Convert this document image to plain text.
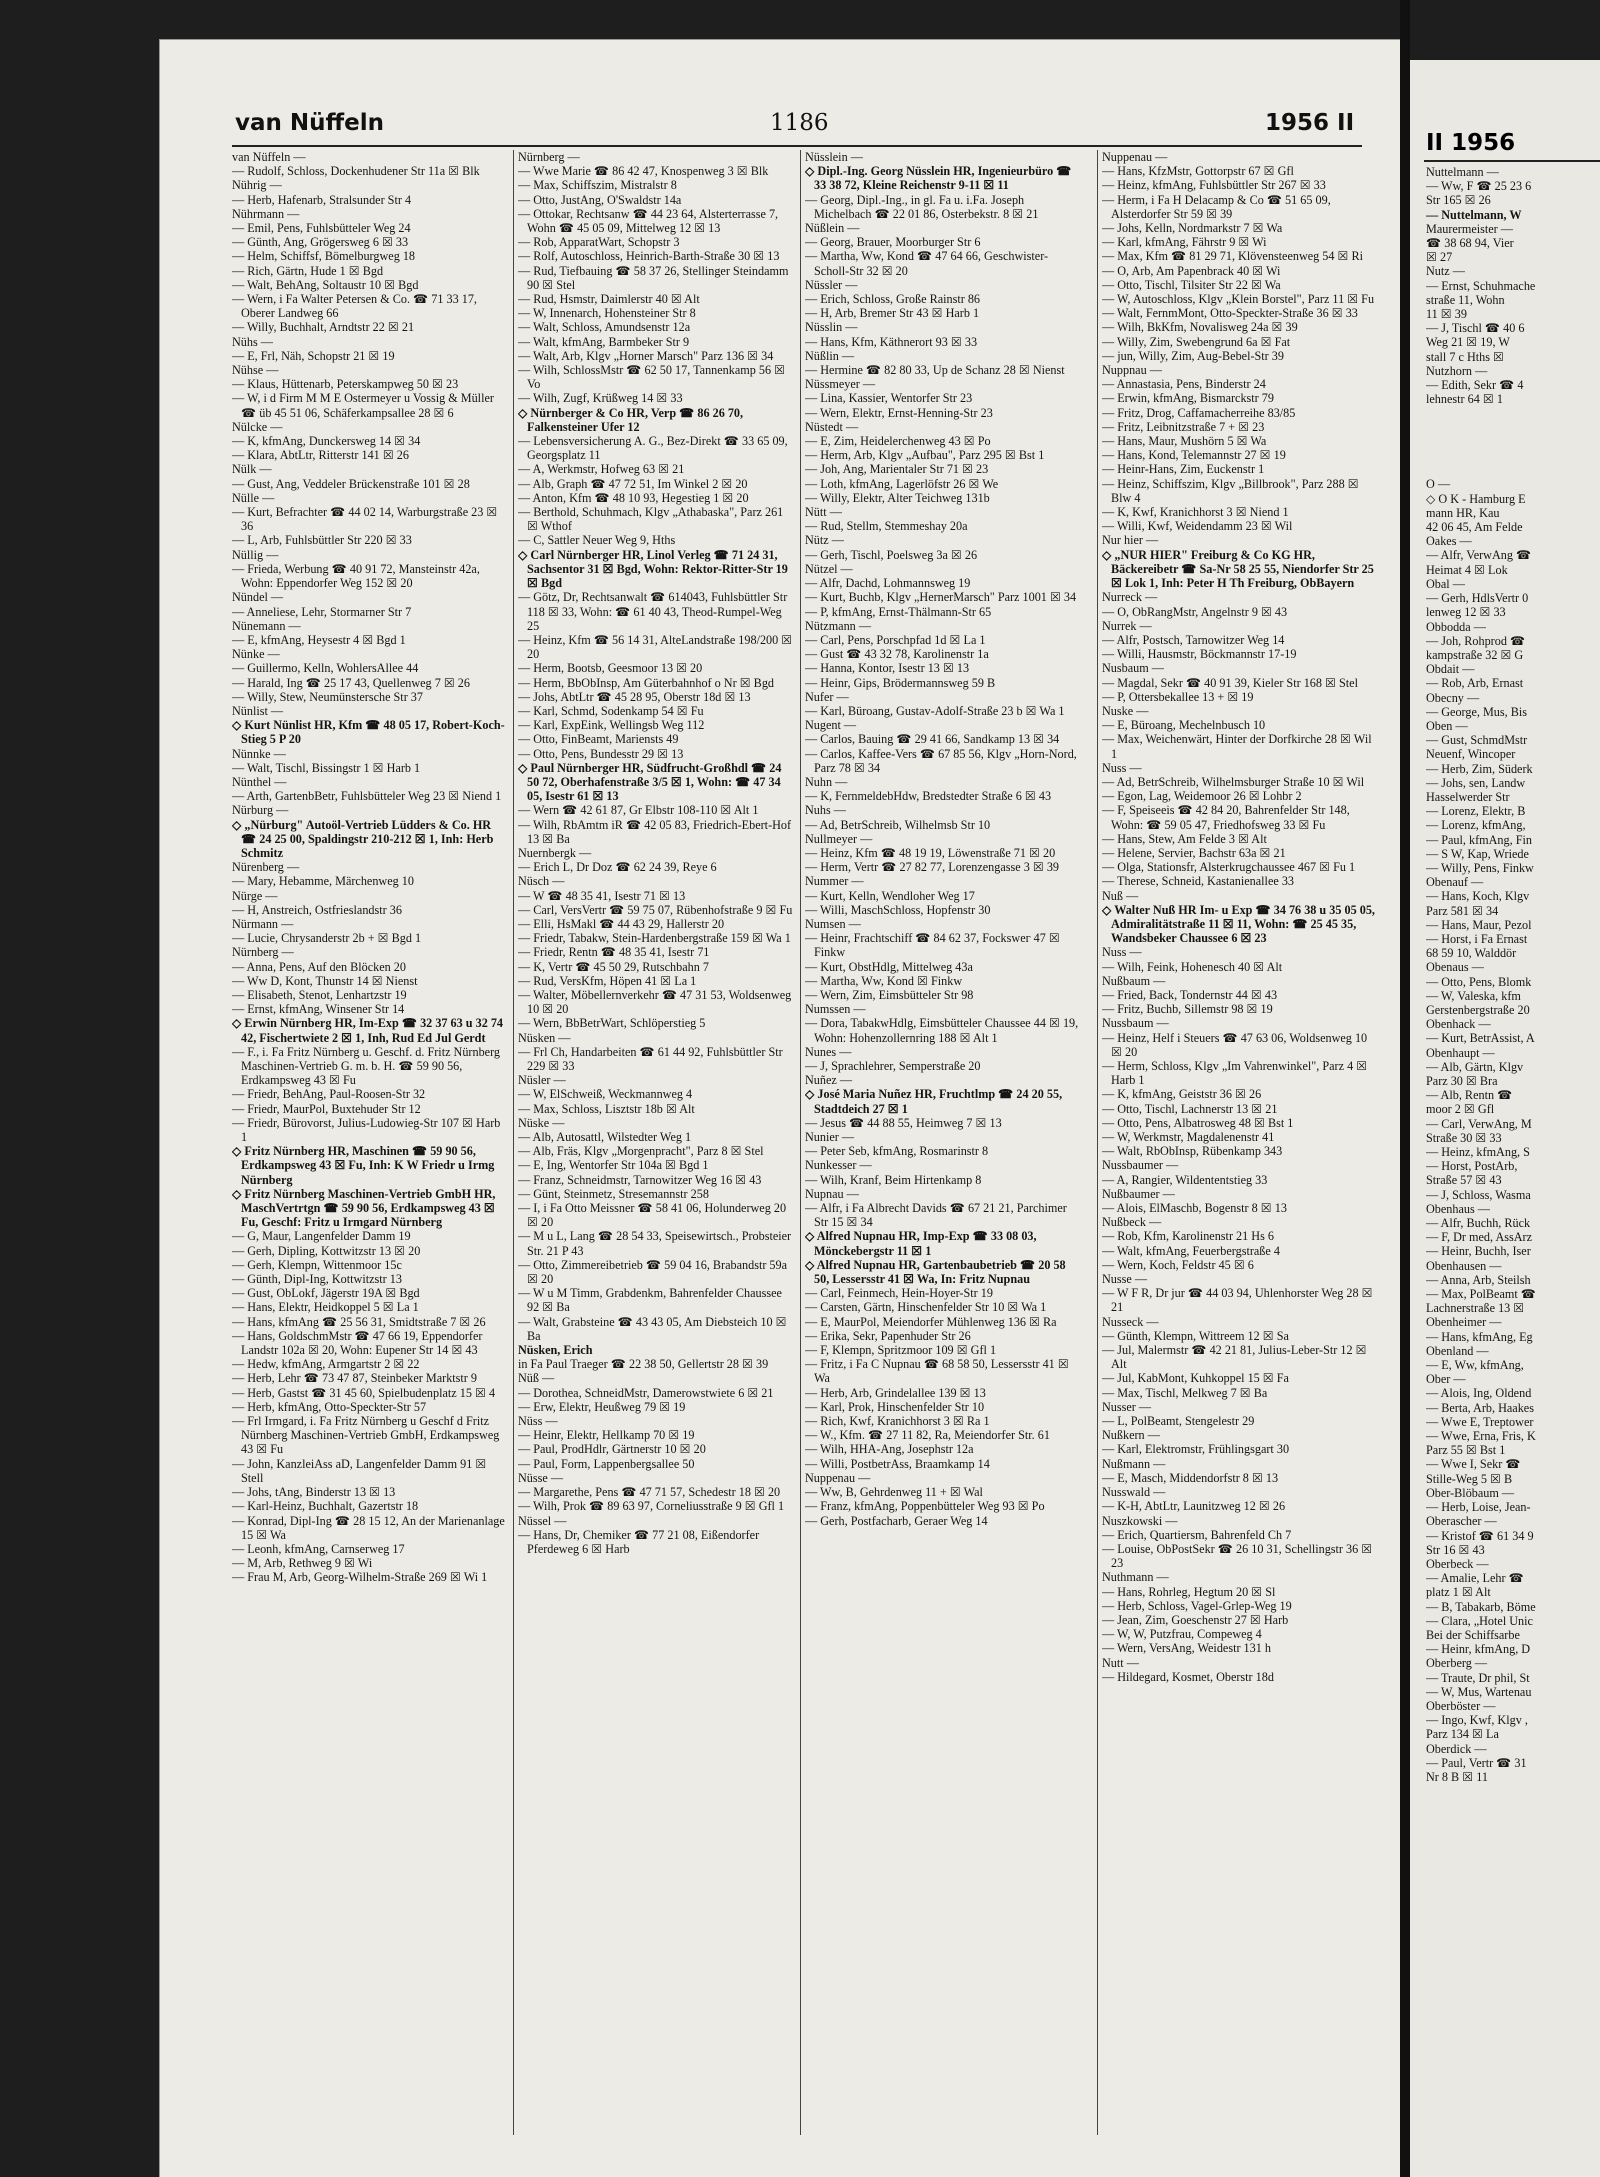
II 1956
Nuttelmann —
— Ww, F ☎ 25 23 6
Str 165 ☒ 26
— Nuttelmann, W
Maurermeister —
☎ 38 68 94, Vier
☒ 27
Nutz —
— Ernst, Schuhmache
straße 11, Wohn
11 ☒ 39
— J, Tischl ☎ 40 6
Weg 21 ☒ 19, W
stall 7 c Hths ☒
Nutzhorn —
— Edith, Sekr ☎ 4
lehnestr 64 ☒ 1

O —
◇ O K - Hamburg E
mann HR, Kau
42 06 45, Am Felde
Oakes —
— Alfr, VerwAng ☎
Heimat 4 ☒ Lok
Obal —
— Gerh, HdlsVertr 0
lenweg 12 ☒ 33
Obbodda —
— Joh, Rohprod ☎
kampstraße 32 ☒ G
Obdait —
— Rob, Arb, Ernast
Obecny —
— George, Mus, Bis
Oben —
— Gust, SchmdMstr
Neuenf, Wincoper
— Herb, Zim, Süderk
— Johs, sen, Landw
Hasselwerder Str
— Lorenz, Elektr, B
— Lorenz, kfmAng,
— Paul, kfmAng, Fin
— S W, Kap, Wriede
— Willy, Pens, Finkw
Obenauf —
— Hans, Koch, Klgv
Parz 581 ☒ 34
— Hans, Maur, Pezol
— Horst, i Fa Ernast
68 59 10, Walddör
Obenaus —
— Otto, Pens, Blomk
— W, Valeska, kfm
Gerstenbergstraße 20
Obenhack —
— Kurt, BetrAssist, A
Obenhaupt —
— Alb, Gärtn, Klgv
Parz 30 ☒ Bra
— Alb, Rentn ☎
moor 2 ☒ Gfl
— Carl, VerwAng, M
Straße 30 ☒ 33
— Heinz, kfmAng, S
— Horst, PostArb,
Straße 57 ☒ 43
— J, Schloss, Wasma
Obenhaus —
— Alfr, Buchh, Rück
— F, Dr med, AssArz
— Heinr, Buchh, Iser
Obenhausen —
— Anna, Arb, Steilsh
— Max, PolBeamt ☎
Lachnerstraße 13 ☒
Obenheimer —
— Hans, kfmAng, Eg
Obenland —
— E, Ww, kfmAng,
Ober —
— Alois, Ing, Oldend
— Berta, Arb, Haakes
— Wwe E, Treptower
— Wwe, Erna, Fris, K
Parz 55 ☒ Bst 1
— Wwe I, Sekr ☎
Stille-Weg 5 ☒ B
Ober-Blöbaum —
— Herb, Loise, Jean-
Oberascher —
— Kristof ☎ 61 34 9
Str 16 ☒ 43
Oberbeck —
— Amalie, Lehr ☎
platz 1 ☒ Alt
— B, Tabakarb, Böme
— Clara, „Hotel Unic
Bei der Schiffsarbe
— Heinr, kfmAng, D
Oberberg —
— Traute, Dr phil, St
— W, Mus, Wartenau
Oberböster —
— Ingo, Kwf, Klgv ,
Parz 134 ☒ La
Oberdick —
— Paul, Vertr ☎ 31
Nr 8 B ☒ 11
van Nüffeln	1186	1956 II
van Nüffeln —
— Rudolf, Schloss, Dockenhudener Str 11a ☒ Blk
Nührig —
— Herb, Hafenarb, Stralsunder Str 4
Nührmann —
— Emil, Pens, Fuhlsbütteler Weg 24
— Günth, Ang, Grögersweg 6 ☒ 33
— Helm, Schiffsf, Bömelburgweg 18
— Rich, Gärtn, Hude 1 ☒ Bgd
— Walt, BehAng, Soltaustr 10 ☒ Bgd
— Wern, i Fa Walter Petersen & Co. ☎ 71 33 17, Oberer Landweg 66
— Willy, Buchhalt, Arndtstr 22 ☒ 21
Nühs —
— E, Frl, Näh, Schopstr 21 ☒ 19
Nühse —
— Klaus, Hüttenarb, Peterskampweg 50 ☒ 23
— W, i d Firm M M E Ostermeyer u Vossig & Müller ☎ üb 45 51 06, Schäferkampsallee 28 ☒ 6
Nülcke —
— K, kfmAng, Dunckersweg 14 ☒ 34
— Klara, AbtLtr, Ritterstr 141 ☒ 26
Nülk —
— Gust, Ang, Veddeler Brückenstraße 101 ☒ 28
Nülle —
— Kurt, Befrachter ☎ 44 02 14, Warburgstraße 23 ☒ 36
— L, Arb, Fuhlsbüttler Str 220 ☒ 33
Nüllig —
— Frieda, Werbung ☎ 40 91 72, Mansteinstr 42a, Wohn: Eppendorfer Weg 152 ☒ 20
Nündel —
— Anneliese, Lehr, Stormarner Str 7
Nünemann —
— E, kfmAng, Heysestr 4 ☒ Bgd 1
Nünke —
— Guillermo, Kelln, WohlersAllee 44
— Harald, Ing ☎ 25 17 43, Quellenweg 7 ☒ 26
— Willy, Stew, Neumünstersche Str 37
Nünlist —
◇ Kurt Nünlist HR, Kfm ☎ 48 05 17, Robert-Koch-Stieg 5 P 20
Nünnke —
— Walt, Tischl, Bissingstr 1 ☒ Harb 1
Nünthel —
— Arth, GartenbBetr, Fuhlsbütteler Weg 23 ☒ Niend 1
Nürburg —
◇ „Nürburg" Autoöl-Vertrieb Lüdders & Co. HR ☎ 24 25 00, Spaldingstr 210-212 ☒ 1, Inh: Herb Schmitz
Nürenberg —
— Mary, Hebamme, Märchenweg 10
Nürge —
— H, Anstreich, Ostfrieslandstr 36
Nürmann —
— Lucie, Chrysanderstr 2b + ☒ Bgd 1
Nürnberg —
— Anna, Pens, Auf den Blöcken 20
— Ww D, Kont, Thunstr 14 ☒ Nienst
— Elisabeth, Stenot, Lenhartzstr 19
— Ernst, kfmAng, Winsener Str 14
◇ Erwin Nürnberg HR, Im-Exp ☎ 32 37 63 u 32 74 42, Fischertwiete 2 ☒ 1, Inh, Rud Ed Jul Gerdt
— F., i. Fa Fritz Nürnberg u. Geschf. d. Fritz Nürnberg Maschinen-Vertrieb G. m. b. H. ☎ 59 90 56, Erdkampsweg 43 ☒ Fu
— Friedr, BehAng, Paul-Roosen-Str 32
— Friedr, MaurPol, Buxtehuder Str 12
— Friedr, Bürovorst, Julius-Ludowieg-Str 107 ☒ Harb 1
◇ Fritz Nürnberg HR, Maschinen ☎ 59 90 56, Erdkampsweg 43 ☒ Fu, Inh: K W Friedr u Irmg Nürnberg
◇ Fritz Nürnberg Maschinen-Vertrieb GmbH HR, MaschVertrtgn ☎ 59 90 56, Erdkampsweg 43 ☒ Fu, Geschf: Fritz u Irmgard Nürnberg
— G, Maur, Langenfelder Damm 19
— Gerh, Dipling, Kottwitzstr 13 ☒ 20
— Gerh, Klempn, Wittenmoor 15c
— Günth, Dipl-Ing, Kottwitzstr 13
— Gust, ObLokf, Jägerstr 19A ☒ Bgd
— Hans, Elektr, Heidkoppel 5 ☒ La 1
— Hans, kfmAng ☎ 25 56 31, Smidtstraße 7 ☒ 26
— Hans, GoldschmMstr ☎ 47 66 19, Eppendorfer Landstr 102a ☒ 20, Wohn: Eupener Str 14 ☒ 43
— Hedw, kfmAng, Armgartstr 2 ☒ 22
— Herb, Lehr ☎ 73 47 87, Steinbeker Marktstr 9
— Herb, Gastst ☎ 31 45 60, Spielbudenplatz 15 ☒ 4
— Herb, kfmAng, Otto-Speckter-Str 57
— Frl Irmgard, i. Fa Fritz Nürnberg u Geschf d Fritz Nürnberg Maschinen-Vertrieb GmbH, Erdkampsweg 43 ☒ Fu
— John, KanzleiAss aD, Langenfelder Damm 91 ☒ Stell
— Johs, tAng, Binderstr 13 ☒ 13
— Karl-Heinz, Buchhalt, Gazertstr 18
— Konrad, Dipl-Ing ☎ 28 15 12, An der Marienanlage 15 ☒ Wa
— Leonh, kfmAng, Carnserweg 17
— M, Arb, Rethweg 9 ☒ Wi
— Frau M, Arb, Georg-Wilhelm-Straße 269 ☒ Wi 1
Nürnberg —
— Wwe Marie ☎ 86 42 47, Knospenweg 3 ☒ Blk
— Max, Schiffszim, Mistralstr 8
— Otto, JustAng, O'Swaldstr 14a
— Ottokar, Rechtsanw ☎ 44 23 64, Alsterterrasse 7, Wohn ☎ 45 05 09, Mittelweg 12 ☒ 13
— Rob, ApparatWart, Schopstr 3
— Rolf, Autoschloss, Heinrich-Barth-Straße 30 ☒ 13
— Rud, Tiefbauing ☎ 58 37 26, Stellinger Steindamm 90 ☒ Stel
— Rud, Hsmstr, Daimlerstr 40 ☒ Alt
— W, Innenarch, Hohensteiner Str 8
— Walt, Schloss, Amundsenstr 12a
— Walt, kfmAng, Barmbeker Str 9
— Walt, Arb, Klgv „Horner Marsch" Parz 136 ☒ 34
— Wilh, SchlossMstr ☎ 62 50 17, Tannenkamp 56 ☒ Vo
— Wilh, Zugf, Krüßweg 14 ☒ 33
◇ Nürnberger & Co HR, Verp ☎ 86 26 70, Falkensteiner Ufer 12
— Lebensversicherung A. G., Bez-Direkt ☎ 33 65 09, Georgsplatz 11
— A, Werkmstr, Hofweg 63 ☒ 21
— Alb, Graph ☎ 47 72 51, Im Winkel 2 ☒ 20
— Anton, Kfm ☎ 48 10 93, Hegestieg 1 ☒ 20
— Berthold, Schuhmach, Klgv „Athabaska", Parz 261 ☒ Wthof
— C, Sattler Neuer Weg 9, Hths
◇ Carl Nürnberger HR, Linol Verleg ☎ 71 24 31, Sachsentor 31 ☒ Bgd, Wohn: Rektor-Ritter-Str 19 ☒ Bgd
— Götz, Dr, Rechtsanwalt ☎ 614043, Fuhlsbüttler Str 118 ☒ 33, Wohn: ☎ 61 40 43, Theod-Rumpel-Weg 25
— Heinz, Kfm ☎ 56 14 31, AlteLandstraße 198/200 ☒ 20
— Herm, Bootsb, Geesmoor 13 ☒ 20
— Herm, BbObInsp, Am Güterbahnhof o Nr ☒ Bgd
— Johs, AbtLtr ☎ 45 28 95, Oberstr 18d ☒ 13
— Karl, Schmd, Sodenkamp 54 ☒ Fu
— Karl, ExpEink, Wellingsb Weg 112
— Otto, FinBeamt, Mariensts 49
— Otto, Pens, Bundesstr 29 ☒ 13
◇ Paul Nürnberger HR, Südfrucht-Großhdl ☎ 24 50 72, Oberhafenstraße 3/5 ☒ 1, Wohn: ☎ 47 34 05, Isestr 61 ☒ 13
— Wern ☎ 42 61 87, Gr Elbstr 108-110 ☒ Alt 1
— Wilh, RbAmtm iR ☎ 42 05 83, Friedrich-Ebert-Hof 13 ☒ Ba
Nuernbergk —
— Erich L, Dr Doz ☎ 62 24 39, Reye 6
Nüsch —
— W ☎ 48 35 41, Isestr 71 ☒ 13
— Carl, VersVertr ☎ 59 75 07, Rübenhofstraße 9 ☒ Fu
— Elli, HsMakl ☎ 44 43 29, Hallerstr 20
— Friedr, Tabakw, Stein-Hardenbergstraße 159 ☒ Wa 1
— Friedr, Rentn ☎ 48 35 41, Isestr 71
— K, Vertr ☎ 45 50 29, Rutschbahn 7
— Rud, VersKfm, Höpen 41 ☒ La 1
— Walter, Möbellernverkehr ☎ 47 31 53, Woldsenweg 10 ☒ 20
— Wern, BbBetrWart, Schlöperstieg 5
Nüsken —
— Frl Ch, Handarbeiten ☎ 61 44 92, Fuhlsbüttler Str 229 ☒ 33
Nüsler —
— W, ElSchweiß, Weckmannweg 4
— Max, Schloss, Lisztstr 18b ☒ Alt
Nüske —
— Alb, Autosattl, Wilstedter Weg 1
— Alb, Fräs, Klgv „Morgenpracht", Parz 8 ☒ Stel
— E, Ing, Wentorfer Str 104a ☒ Bgd 1
— Franz, Schneidmstr, Tarnowitzer Weg 16 ☒ 43
— Günt, Steinmetz, Stresemannstr 258
— I, i Fa Otto Meissner ☎ 58 41 06, Holunderweg 20 ☒ 20
— M u L, Lang ☎ 28 54 33, Speisewirtsch., Probsteier Str. 21 P 43
— Otto, Zimmereibetrieb ☎ 59 04 16, Brabandstr 59a ☒ 20
— W u M Timm, Grabdenkm, Bahrenfelder Chaussee 92 ☒ Ba
— Walt, Grabsteine ☎ 43 43 05, Am Diebsteich 10 ☒ Ba
Nüsken, Erich
in Fa Paul Traeger ☎ 22 38 50, Gellertstr 28 ☒ 39
Nüß —
— Dorothea, SchneidMstr, Damerowstwiete 6 ☒ 21
— Erw, Elektr, Heußweg 79 ☒ 19
Nüss —
— Heinr, Elektr, Hellkamp 70 ☒ 19
— Paul, ProdHdlr, Gärtnerstr 10 ☒ 20
— Paul, Form, Lappenbergsallee 50
Nüsse —
— Margarethe, Pens ☎ 47 71 57, Schedestr 18 ☒ 20
— Wilh, Prok ☎ 89 63 97, Corneliusstraße 9 ☒ Gfl 1
Nüssel —
— Hans, Dr, Chemiker ☎ 77 21 08, Eißendorfer Pferdeweg 6 ☒ Harb
Nüsslein —
◇ Dipl.-Ing. Georg Nüsslein HR, Ingenieurbüro ☎ 33 38 72, Kleine Reichenstr 9-11 ☒ 11
— Georg, Dipl.-Ing., in gl. Fa u. i.Fa. Joseph Michelbach ☎ 22 01 86, Osterbekstr. 8 ☒ 21
Nüßlein —
— Georg, Brauer, Moorburger Str 6
— Martha, Ww, Kond ☎ 47 64 66, Geschwister-Scholl-Str 32 ☒ 20
Nüssler —
— Erich, Schloss, Große Rainstr 86
— H, Arb, Bremer Str 43 ☒ Harb 1
Nüsslin —
— Hans, Kfm, Käthnerort 93 ☒ 33
Nüßlin —
— Hermine ☎ 82 80 33, Up de Schanz 28 ☒ Nienst
Nüssmeyer —
— Lina, Kassier, Wentorfer Str 23
— Wern, Elektr, Ernst-Henning-Str 23
Nüstedt —
— E, Zim, Heidelerchenweg 43 ☒ Po
— Herm, Arb, Klgv „Aufbau", Parz 295 ☒ Bst 1
— Joh, Ang, Marientaler Str 71 ☒ 23
— Loth, kfmAng, Lagerlöfstr 26 ☒ We
— Willy, Elektr, Alter Teichweg 131b
Nütt —
— Rud, Stellm, Stemmeshay 20a
Nütz —
— Gerh, Tischl, Poelsweg 3a ☒ 26
Nützel —
— Alfr, Dachd, Lohmannsweg 19
— Kurt, Buchb, Klgv „HernerMarsch" Parz 1001 ☒ 34
— P, kfmAng, Ernst-Thälmann-Str 65
Nützmann —
— Carl, Pens, Porschpfad 1d ☒ La 1
— Gust ☎ 43 32 78, Karolinenstr 1a
— Hanna, Kontor, Isestr 13 ☒ 13
— Heinr, Gips, Brödermannsweg 59 B
Nufer —
— Karl, Büroang, Gustav-Adolf-Straße 23 b ☒ Wa 1
Nugent —
— Carlos, Bauing ☎ 29 41 66, Sandkamp 13 ☒ 34
— Carlos, Kaffee-Vers ☎ 67 85 56, Klgv „Horn-Nord, Parz 78 ☒ 34
Nuhn —
— K, FernmeldebHdw, Bredstedter Straße 6 ☒ 43
Nuhs —
— Ad, BetrSchreib, Wilhelmsb Str 10
Nullmeyer —
— Heinz, Kfm ☎ 48 19 19, Löwenstraße 71 ☒ 20
— Herm, Vertr ☎ 27 82 77, Lorenzengasse 3 ☒ 39
Nummer —
— Kurt, Kelln, Wendloher Weg 17
— Willi, MaschSchloss, Hopfenstr 30
Numsen —
— Heinr, Frachtschiff ☎ 84 62 37, Fockswег 47 ☒ Finkw
— Kurt, ObstHdlg, Mittelweg 43a
— Martha, Ww, Kond ☒ Finkw
— Wern, Zim, Eimsbütteler Str 98
Numssen —
— Dora, TabakwHdlg, Eimsbütteler Chaussee 44 ☒ 19, Wohn: Hohenzollernring 188 ☒ Alt 1
Nunes —
— J, Sprachlehrer, Semperstraße 20
Nuñez —
◇ José Maria Nuñez HR, Fruchtlmp ☎ 24 20 55, Stadtdeich 27 ☒ 1
— Jesus ☎ 44 88 55, Heimweg 7 ☒ 13
Nunier —
— Peter Seb, kfmAng, Rosmarinstr 8
Nunkesser —
— Wilh, Kranf, Beim Hirtenkamp 8
Nupnau —
— Alfr, i Fa Albrecht Davids ☎ 67 21 21, Parchimer Str 15 ☒ 34
◇ Alfred Nupnau HR, Imp-Exp ☎ 33 08 03, Mönckebergstr 11 ☒ 1
◇ Alfred Nupnau HR, Gartenbaubetrieb ☎ 20 58 50, Lessersstr 41 ☒ Wa, In: Fritz Nupnau
— Carl, Feinmech, Hein-Hoyer-Str 19
— Carsten, Gärtn, Hinschenfelder Str 10 ☒ Wa 1
— E, MaurPol, Meiendorfer Mühlenweg 136 ☒ Ra
— Erika, Sekr, Papenhuder Str 26
— F, Klempn, Spritzmoor 109 ☒ Gfl 1
— Fritz, i Fa C Nupnau ☎ 68 58 50, Lessersstr 41 ☒ Wa
— Herb, Arb, Grindelallee 139 ☒ 13
— Karl, Prok, Hinschenfelder Str 10
— Rich, Kwf, Kranichhorst 3 ☒ Ra 1
— W., Kfm. ☎ 27 11 82, Ra, Meiendorfer Str. 61
— Wilh, HHA-Ang, Josephstr 12a
— Willi, PostbetrAss, Braamkamp 14
Nuppenau —
— Ww, B, Gehrdenweg 11 + ☒ Wal
— Franz, kfmAng, Poppenbütteler Weg 93 ☒ Po
— Gerh, Postfacharb, Geraer Weg 14
Nuppenau —
— Hans, KfzMstr, Gottorpstr 67 ☒ Gfl
— Heinz, kfmAng, Fuhlsbüttler Str 267 ☒ 33
— Herm, i Fa H Delacamp & Co ☎ 51 65 09, Alsterdorfer Str 59 ☒ 39
— Johs, Kelln, Nordmarkstr 7 ☒ Wa
— Karl, kfmAng, Fährstr 9 ☒ Wi
— Max, Kfm ☎ 81 29 71, Klövensteenweg 54 ☒ Ri
— O, Arb, Am Papenbrack 40 ☒ Wi
— Otto, Tischl, Tilsiter Str 22 ☒ Wa
— W, Autoschloss, Klgv „Klein Borstel", Parz 11 ☒ Fu
— Walt, FernmMont, Otto-Speckter-Straße 36 ☒ 33
— Wilh, BkKfm, Novalisweg 24a ☒ 39
— Willy, Zim, Swebengrund 6a ☒ Fat
— jun, Willy, Zim, Aug-Bebel-Str 39
Nuppnau —
— Annastasia, Pens, Binderstr 24
— Erwin, kfmAng, Bismarckstr 79
— Fritz, Drog, Caffamacherreihe 83/85
— Fritz, Leibnitzstraße 7 + ☒ 23
— Hans, Maur, Mushörn 5 ☒ Wa
— Hans, Kond, Telemannstr 27 ☒ 19
— Heinr-Hans, Zim, Euckenstr 1
— Heinz, Schiffszim, Klgv „Billbrook", Parz 288 ☒ Blw 4
— K, Kwf, Kranichhorst 3 ☒ Niend 1
— Willi, Kwf, Weidendamm 23 ☒ Wil
Nur hier —
◇ „NUR HIER" Freiburg & Co KG HR, Bäckereibetr ☎ Sa-Nr 58 25 55, Niendorfer Str 25 ☒ Lok 1, Inh: Peter H Th Freiburg, ObBayern
Nurreck —
— O, ObRangMstr, Angelnstr 9 ☒ 43
Nurrek —
— Alfr, Postsch, Tarnowitzer Weg 14
— Willi, Hausmstr, Böckmannstr 17-19
Nusbaum —
— Magdal, Sekr ☎ 40 91 39, Kieler Str 168 ☒ Stel
— P, Ottersbekallee 13 + ☒ 19
Nuske —
— E, Büroang, Mechelnbusch 10
— Max, Weichenwärt, Hinter der Dorfkirche 28 ☒ Wil 1
Nuss —
— Ad, BetrSchreib, Wilhelmsburger Straße 10 ☒ Wil
— Egon, Lag, Weidemoor 26 ☒ Lohbr 2
— F, Speiseeis ☎ 42 84 20, Bahrenfelder Str 148, Wohn: ☎ 59 05 47, Friedhofsweg 33 ☒ Fu
— Hans, Stew, Am Felde 3 ☒ Alt
— Helene, Servier, Bachstr 63a ☒ 21
— Olga, Stationsfr, Alsterkrugchaussee 467 ☒ Fu 1
— Therese, Schneid, Kastanienallee 33
Nuß —
◇ Walter Nuß HR Im- u Exp ☎ 34 76 38 u 35 05 05, Admiralitätstraße 11 ☒ 11, Wohn: ☎ 25 45 35, Wandsbeker Chaussee 6 ☒ 23
Nuss —
— Wilh, Feink, Hohenesch 40 ☒ Alt
Nußbaum —
— Fried, Back, Tondernstr 44 ☒ 43
— Fritz, Buchb, Sillemstr 98 ☒ 19
Nussbaum —
— Heinz, Helf i Steuers ☎ 47 63 06, Woldsenweg 10 ☒ 20
— Herm, Schloss, Klgv „Im Vahrenwinkel", Parz 4 ☒ Harb 1
— K, kfmAng, Geiststr 36 ☒ 26
— Otto, Tischl, Lachnerstr 13 ☒ 21
— Otto, Pens, Albatrosweg 48 ☒ Bst 1
— W, Werkmstr, Magdalenenstr 41
— Walt, RbObInsp, Rübenkamp 343
Nussbaumer —
— A, Rangier, Wildententstieg 33
Nußbaumer —
— Alois, ElMaschb, Bogenstr 8 ☒ 13
Nußbeck —
— Rob, Kfm, Karolinenstr 21 Hs 6
— Walt, kfmAng, Feuerbergstraße 4
— Wern, Koch, Feldstr 45 ☒ 6
Nusse —
— W F R, Dr jur ☎ 44 03 94, Uhlenhorster Weg 28 ☒ 21
Nusseck —
— Günth, Klempn, Wittreem 12 ☒ Sa
— Jul, Malermstr ☎ 42 21 81, Julius-Leber-Str 12 ☒ Alt
— Jul, KabMont, Kuhkoppel 15 ☒ Fa
— Max, Tischl, Melkweg 7 ☒ Ba
Nusser —
— L, PolBeamt, Stengelestr 29
Nußkern —
— Karl, Elektromstr, Frühlingsgart 30
Nußmann —
— E, Masch, Middendorfstr 8 ☒ 13
Nusswald —
— K-H, AbtLtr, Launitzweg 12 ☒ 26
Nuszkowski —
— Erich, Quartiersm, Bahrenfeld Ch 7
— Louise, ObPostSekr ☎ 26 10 31, Schellingstr 36 ☒ 23
Nuthmann —
— Hans, Rohrleg, Hegtum 20 ☒ Sl
— Herb, Schloss, Vagel-Grlep-Weg 19
— Jean, Zim, Goeschenstr 27 ☒ Harb
— W, W, Putzfrau, Compeweg 4
— Wern, VersAng, Weidestr 131 h
Nutt —
— Hildegard, Kosmet, Oberstr 18d
